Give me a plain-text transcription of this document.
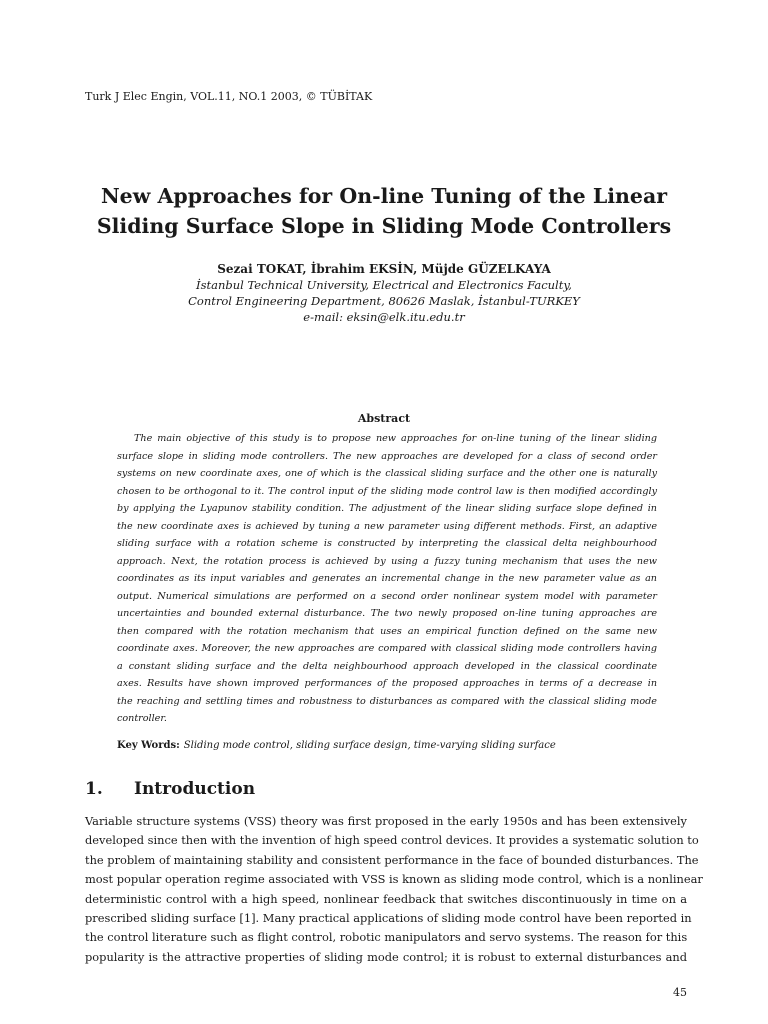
Turk J Elec Engin, VOL.11, NO.1 2003, © TÜBİTAK
New Approaches for On-line Tuning of the Linear
Sliding Surface Slope in Sliding Mode Controllers
Sezai TOKAT, İbrahim EKSİN, Müjde GÜZELKAYA
İstanbul Technical University, Electrical and Electronics Faculty,
Control Engineering Department, 80626 Maslak, İstanbul-TURKEY
e-mail: eksin@elk.itu.edu.tr
Abstract
The main objective of this study is to propose new approaches for on-line tuning of the linear sliding
surface slope in sliding mode controllers. The new approaches are developed for a class of second order
systems on new coordinate axes, one of which is the classical sliding surface and the other one is naturally
chosen to be orthogonal to it. The control input of the sliding mode control law is then modified accordingly
by applying the Lyapunov stability condition. The adjustment of the linear sliding surface slope defined in
the new coordinate axes is achieved by tuning a new parameter using different methods. First, an adaptive
sliding surface with a rotation scheme is constructed by interpreting the classical delta neighbourhood
approach. Next, the rotation process is achieved by using a fuzzy tuning mechanism that uses the new
coordinates as its input variables and generates an incremental change in the new parameter value as an
output. Numerical simulations are performed on a second order nonlinear system model with parameter
uncertainties and bounded external disturbance. The two newly proposed on-line tuning approaches are
then compared with the rotation mechanism that uses an empirical function defined on the same new
coordinate axes. Moreover, the new approaches are compared with classical sliding mode controllers having
a constant sliding surface and the delta neighbourhood approach developed in the classical coordinate
axes. Results have shown improved performances of the proposed approaches in terms of a decrease in
the reaching and settling times and robustness to disturbances as compared with the classical sliding mode
controller.
Key Words: Sliding mode control, sliding surface design, time-varying sliding surface
1. Introduction
Variable structure systems (VSS) theory was first proposed in the early 1950s and has been extensively
developed since then with the invention of high speed control devices. It provides a systematic solution to
the problem of maintaining stability and consistent performance in the face of bounded disturbances. The
most popular operation regime associated with VSS is known as sliding mode control, which is a nonlinear
deterministic control with a high speed, nonlinear feedback that switches discontinuously in time on a
prescribed sliding surface [1]. Many practical applications of sliding mode control have been reported in
the control literature such as flight control, robotic manipulators and servo systems. The reason for this
popularity is the attractive properties of sliding mode control; it is robust to external disturbances and
45
